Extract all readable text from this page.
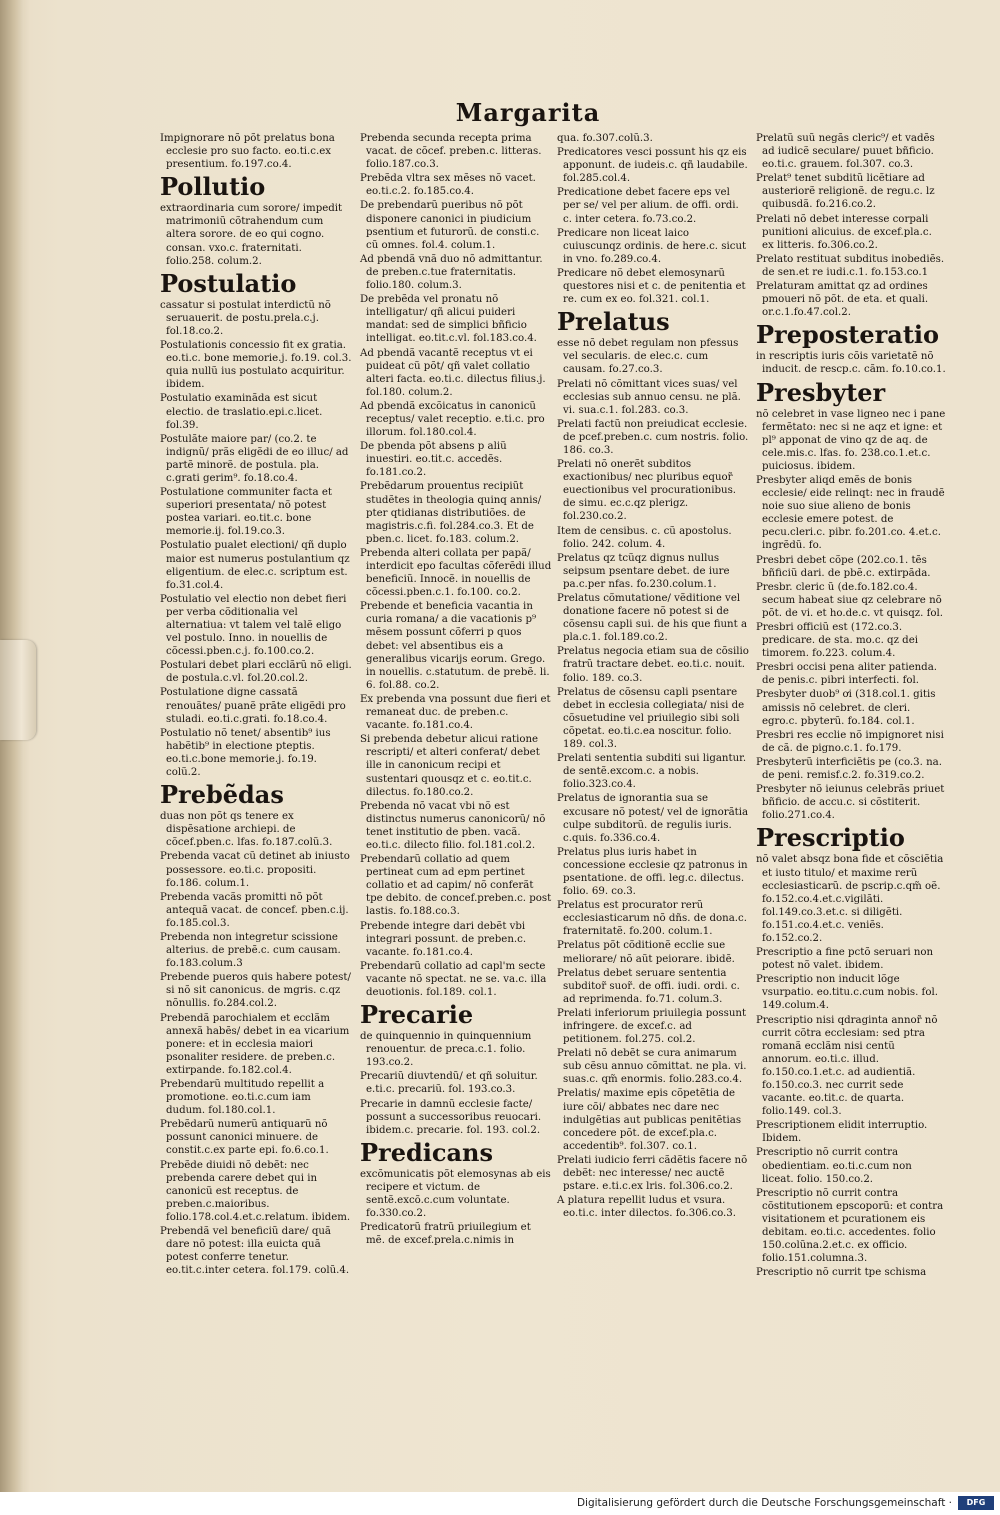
Margarita

Impignorare nõ põt prelatus bona ecclesie pro suo facto. eo.ti.c.ex presentium. fo.197.co.4.

Pollutio

extraordinaria cum sorore/ impedit matrimoniũ cõtrahendum cum altera sorore. de eo qui cogno. consan. vxo.c. fraternitati. folio.258. colum.2.

Postulatio

cassatur si postulat interdictũ nõ seruauerit. de postu.prela.c.j. fol.18.co.2.

Postulationis concessio fit ex gratia. eo.ti.c. bone memorie.j. fo.19. col.3. quia nullũ ius postulato acquiritur. ibidem.

Postulatio examinãda est sicut electio. de traslatio.epi.c.licet. fol.39.

Postulãte maiore par/ (co.2. te indignũ/ prãs eligẽdi de eo illuc/ ad partẽ minorẽ. de postula. pla. c.grati gerim⁹. fo.18.co.4.

Postulatione communiter facta et superiori presentata/ nõ potest postea variari. eo.tit.c. bone memorie.ij. fol.19.co.3.

Postulatio pualet electioni/ qñ duplo maior est numerus postulantium qz eligentium. de elec.c. scriptum est. fo.31.col.4.

Postulatio vel electio non debet fieri per verba cõditionalia vel alternatiua: vt talem vel talẽ eligo vel postulo. Inno. in nouellis de cõcessi.pben.c.j. fo.100.co.2.

Postulari debet plari ecclãrũ nõ eligi. de postula.c.vl. fol.20.col.2.

Postulatione digne cassatã renouãtes/ puanẽ prãte eligẽdi pro stuladi. eo.ti.c.grati. fo.18.co.4.

Postulatio nõ tenet/ absentib⁹ ius habẽtib⁹ in electione pteptis. eo.ti.c.bone memorie.j. fo.19. colũ.2.

Prebẽdas

duas non põt qs tenere ex dispẽsatione archiepi. de cõcef.pben.c. lfas. fo.187.colũ.3.

Prebenda vacat cũ detinet ab iniusto possessore. eo.ti.c. propositi. fo.186. colum.1.

Prebenda vacãs promitti nõ põt antequã vacat. de concef. pben.c.ij. fo.185.col.3.

Prebenda non integretur scissione alterius. de prebẽ.c. cum causam. fo.183.colum.3

Prebende pueros quis habere potest/ si nõ sit canonicus. de mgris. c.qz nõnullis. fo.284.col.2.

Prebendã parochialem et ecclãm annexã habẽs/ debet in ea vicarium ponere: et in ecclesia maiori psonaliter residere. de preben.c. extirpande. fo.182.col.4.

Prebendarũ multitudo repellit a promotione. eo.ti.c.cum iam dudum. fol.180.col.1.

Prebẽdarũ numerũ antiquarũ nõ possunt canonici minuere. de constit.c.ex parte epi. fo.6.co.1.

Prebẽde diuidi nõ debẽt: nec prebenda carere debet qui in canonicũ est receptus. de preben.c.maioribus. folio.178.col.4.et.c.relatum. ibidem.

Prebendã vel beneficiũ dare/ quã dare nõ potest: illa euicta quã potest conferre tenetur. eo.tit.c.inter cetera. fol.179. colũ.4.

Prebenda secunda recepta prima vacat. de cõcef. preben.c. litteras. folio.187.co.3.

Prebẽda vltra sex mẽses nõ vacet. eo.ti.c.2. fo.185.co.4.

De prebendarũ pueribus nõ põt disponere canonici in piudicium psentium et futurorũ. de consti.c. cũ omnes. fol.4. colum.1.

Ad pbendã vnã duo nõ admittantur. de preben.c.tue fraternitatis. folio.180. colum.3.

De prebẽda vel pronatu nõ intelligatur/ qñ alicui puideri mandat: sed de simplici bñficio intelligat. eo.tit.c.vl. fol.183.co.4.

Ad pbendã vacantẽ receptus vt ei puideat cũ põt/ qñ valet collatio alteri facta. eo.ti.c. dilectus filius.j. fol.180. colum.2.

Ad pbendã excõicatus in canonicũ receptus/ valet receptio. e.ti.c. pro illorum. fol.180.col.4.

De pbenda põt absens p aliũ inuestiri. eo.tit.c. accedẽs. fo.181.co.2.

Prebẽdarum prouentus recipiũt studẽtes in theologia quinq annis/ pter qtidianas distributiões. de magistris.c.fi. fol.284.co.3. Et de pben.c. licet. fo.183. colum.2.

Prebenda alteri collata per papã/ interdicit epo facultas cõferẽdi illud beneficiũ. Innocẽ. in nouellis de cõcessi.pben.c.1. fo.100. co.2.

Prebende et beneficia vacantia in curia romana/ a die vacationis p⁹ mẽsem possunt cõferri p quos debet: vel absentibus eis a generalibus vicarijs eorum. Grego. in nouellis. c.statutum. de prebẽ. li. 6. fol.88. co.2.

Ex prebenda vna possunt due fieri et remaneat duc. de preben.c. vacante. fo.181.co.4.

Si prebenda debetur alicui ratione rescripti/ et alteri conferat/ debet ille in canonicum recipi et sustentari quousqz et c. eo.tit.c. dilectus. fo.180.co.2.

Prebenda nõ vacat vbi nõ est distinctus numerus canonicorũ/ nõ tenet institutio de pben. vacã. eo.ti.c. dilecto filio. fol.181.col.2.

Prebendarũ collatio ad quem pertineat cum ad epm pertinet collatio et ad capim/ nõ conferãt tpe debito. de concef.preben.c. post lastis. fo.188.co.3.

Prebende integre dari debẽt vbi integrari possunt. de preben.c. vacante. fo.181.co.4.

Prebendarũ collatio ad capl'm secte vacante nõ spectat. ne se. va.c. illa deuotionis. fol.189. col.1.

Precarie

de quinquennio in quinquennium renouentur. de preca.c.1. folio. 193.co.2.

Precariũ diuvtendũ/ et qñ soluitur. e.ti.c. precariũ. fol. 193.co.3.

Precarie in damnũ ecclesie facte/ possunt a successoribus reuocari. ibidem.c. precarie. fol. 193. col.2.

Predicans

excõmunicatis põt elemosynas ab eis recipere et victum. de sentẽ.excõ.c.cum voluntate. fo.330.co.2.

Predicatorũ fratrũ priuilegium et mẽ. de excef.prela.c.nimis in

qua. fo.307.colũ.3.

Predicatores vesci possunt his qz eis apponunt. de iudeis.c. qñ laudabile. fol.285.col.4.

Predicatione debet facere eps vel per se/ vel per alium. de offi. ordi. c. inter cetera. fo.73.co.2.

Predicare non liceat laico cuiuscunqz ordinis. de here.c. sicut in vno. fo.289.co.4.

Predicare nõ debet elemosynarũ questores nisi et c. de penitentia et re. cum ex eo. fol.321. col.1.

Prelatus

esse nõ debet regulam non pfessus vel secularis. de elec.c. cum causam. fo.27.co.3.

Prelati nõ cõmittant vices suas/ vel ecclesias sub annuo censu. ne plã. vi. sua.c.1. fol.283. co.3.

Prelati factũ non preiudicat ecclesie. de pcef.preben.c. cum nostris. folio. 186. co.3.

Prelati nõ onerẽt subditos exactionibus/ nec pluribus equor̃ euectionibus vel procurationibus. de simu. ec.c.qz plerigz. fol.230.co.2.

Item de censibus. c. cũ apostolus. folio. 242. colum. 4.

Prelatus qz tcũqz dignus nullus seipsum psentare debet. de iure pa.c.per nfas. fo.230.colum.1.

Prelatus cõmutatione/ vẽditione vel donatione facere nõ potest si de cõsensu capli sui. de his que fiunt a pla.c.1. fol.189.co.2.

Prelatus negocia etiam sua de cõsilio fratrũ tractare debet. eo.ti.c. nouit. folio. 189. co.3.

Prelatus de cõsensu capli psentare debet in ecclesia collegiata/ nisi de cõsuetudine vel priuilegio sibi soli cõpetat. eo.ti.c.ea noscitur. folio. 189. col.3.

Prelati sententia subditi sui ligantur. de sentẽ.excom.c. a nobis. folio.323.co.4.

Prelatus de ignorantia sua se excusare nõ potest/ vel de ignorãtia culpe subditorũ. de regulis iuris. c.quis. fo.336.co.4.

Prelatus plus iuris habet in concessione ecclesie qz patronus in psentatione. de offi. leg.c. dilectus. folio. 69. co.3.

Prelatus est procurator rerũ ecclesiasticarum nõ dñs. de dona.c. fraternitatẽ. fo.200. colum.1.

Prelatus põt cõditionẽ ecclie sue meliorare/ nõ aũt peiorare. ibidẽ.

Prelatus debet seruare sententia subditor̃ suor̃. de offi. iudi. ordi. c. ad reprimenda. fo.71. colum.3.

Prelati inferiorum priuilegia possunt infringere. de excef.c. ad petitionem. fol.275. col.2.

Prelati nõ debẽt se cura animarum sub cẽsu annuo cõmittat. ne pla. vi. suas.c. qm̃ enormis. folio.283.co.4.

Prelatis/ maxime epis cõpetẽtia de iure cõi/ abbates nec dare nec indulgẽtias aut publicas penitẽtias concedere põt. de excef.pla.c. accedentib⁹. fol.307. co.1.

Prelati iudicio ferri cãdẽtis facere nõ debẽt: nec interesse/ nec auctẽ pstare. e.ti.c.ex lris. fol.306.co.2.

A platura repellit ludus et vsura. eo.ti.c. inter dilectos. fo.306.co.3.

Prelatũ suũ negãs cleric⁹/ et vadẽs ad iudicẽ seculare/ puuet bñficio. eo.ti.c. grauem. fol.307. co.3.

Prelat⁹ tenet subditũ licẽtiare ad austeriorẽ religionẽ. de regu.c. lz quibusdã. fo.216.co.2.

Prelati nõ debet interesse corpali punitioni alicuius. de excef.pla.c. ex litteris. fo.306.co.2.

Prelato restituat subditus inobediẽs. de sen.et re iudi.c.1. fo.153.co.1

Prelaturam amittat qz ad ordines pmoueri nõ põt. de eta. et quali. or.c.1.fo.47.col.2.

Preposteratio

in rescriptis iuris cõis varietatẽ nõ inducit. de rescp.c. cãm. fo.10.co.1.

Presbyter

nõ celebret in vase ligneo nec i pane fermẽtato: nec si ne aqz et igne: et pl⁹ apponat de vino qz de aq. de cele.mis.c. lfas. fo. 238.co.1.et.c. puiciosus. ibidem.

Presbyter aliqd emẽs de bonis ecclesie/ eide relinqt: nec in fraudẽ noie suo siue alieno de bonis ecclesie emere potest. de pecu.cleri.c. pibr. fo.201.co. 4.et.c. ingrẽdũ. fo.

Presbri debet cõpe (202.co.1. tẽs bñficiũ dari. de pbẽ.c. extirpãda.

Presbr. cleric ũ (de.fo.182.co.4. secum habeat siue qz celebrare nõ põt. de vi. et ho.de.c. vt quisqz. fol.

Presbri officiũ est (172.co.3. predicare. de sta. mo.c. qz dei timorem. fo.223. colum.4.

Presbri occisi pena aliter patienda. de penis.c. pibri interfecti. fol.

Presbyter duob⁹ ơi (318.col.1. gitis amissis nõ celebret. de cleri. egro.c. pbyterũ. fo.184. col.1.

Presbri res ecclie nõ impignoret nisi de cã. de pigno.c.1. fo.179.

Presbyterũ interficiẽtis pe (co.3. na. de peni. remisf.c.2. fo.319.co.2.

Presbyter nõ ieiunus celebrãs priuet bñficio. de accu.c. si cõstiterit. folio.271.co.4.

Prescriptio

nõ valet absqz bona fide et cõsciẽtia et iusto titulo/ et maxime rerũ ecclesiasticarũ. de pscrip.c.qm̃ oẽ. fo.152.co.4.et.c.vigilãti. fol.149.co.3.et.c. si diligẽti. fo.151.co.4.et.c. veniẽs. fo.152.co.2.

Prescriptio a fine pctõ seruari non potest nõ valet. ibidem.

Prescriptio non inducit lõge vsurpatio. eo.titu.c.cum nobis. fol. 149.colum.4.

Prescriptio nisi qdraginta annor̃ nõ currit cõtra ecclesiam: sed ptra romanã ecclãm nisi centũ annorum. eo.ti.c. illud. fo.150.co.1.et.c. ad audientiã. fo.150.co.3. nec currit sede vacante. eo.tit.c. de quarta. folio.149. col.3.

Prescriptionem elidit interruptio. Ibidem.

Prescriptio nõ currit contra obedientiam. eo.ti.c.cum non liceat. folio. 150.co.2.

Prescriptio nõ currit contra cõstitutionem epscoporũ: et contra visitationem et pcurationem eis debitam. eo.ti.c. accedentes. folio 150.colũna.2.et.c. ex officio. folio.151.columna.3.

Prescriptio nõ currit tpe schisma

Digitalisierung gefördert durch die Deutsche Forschungsgemeinschaft ·	DFG
